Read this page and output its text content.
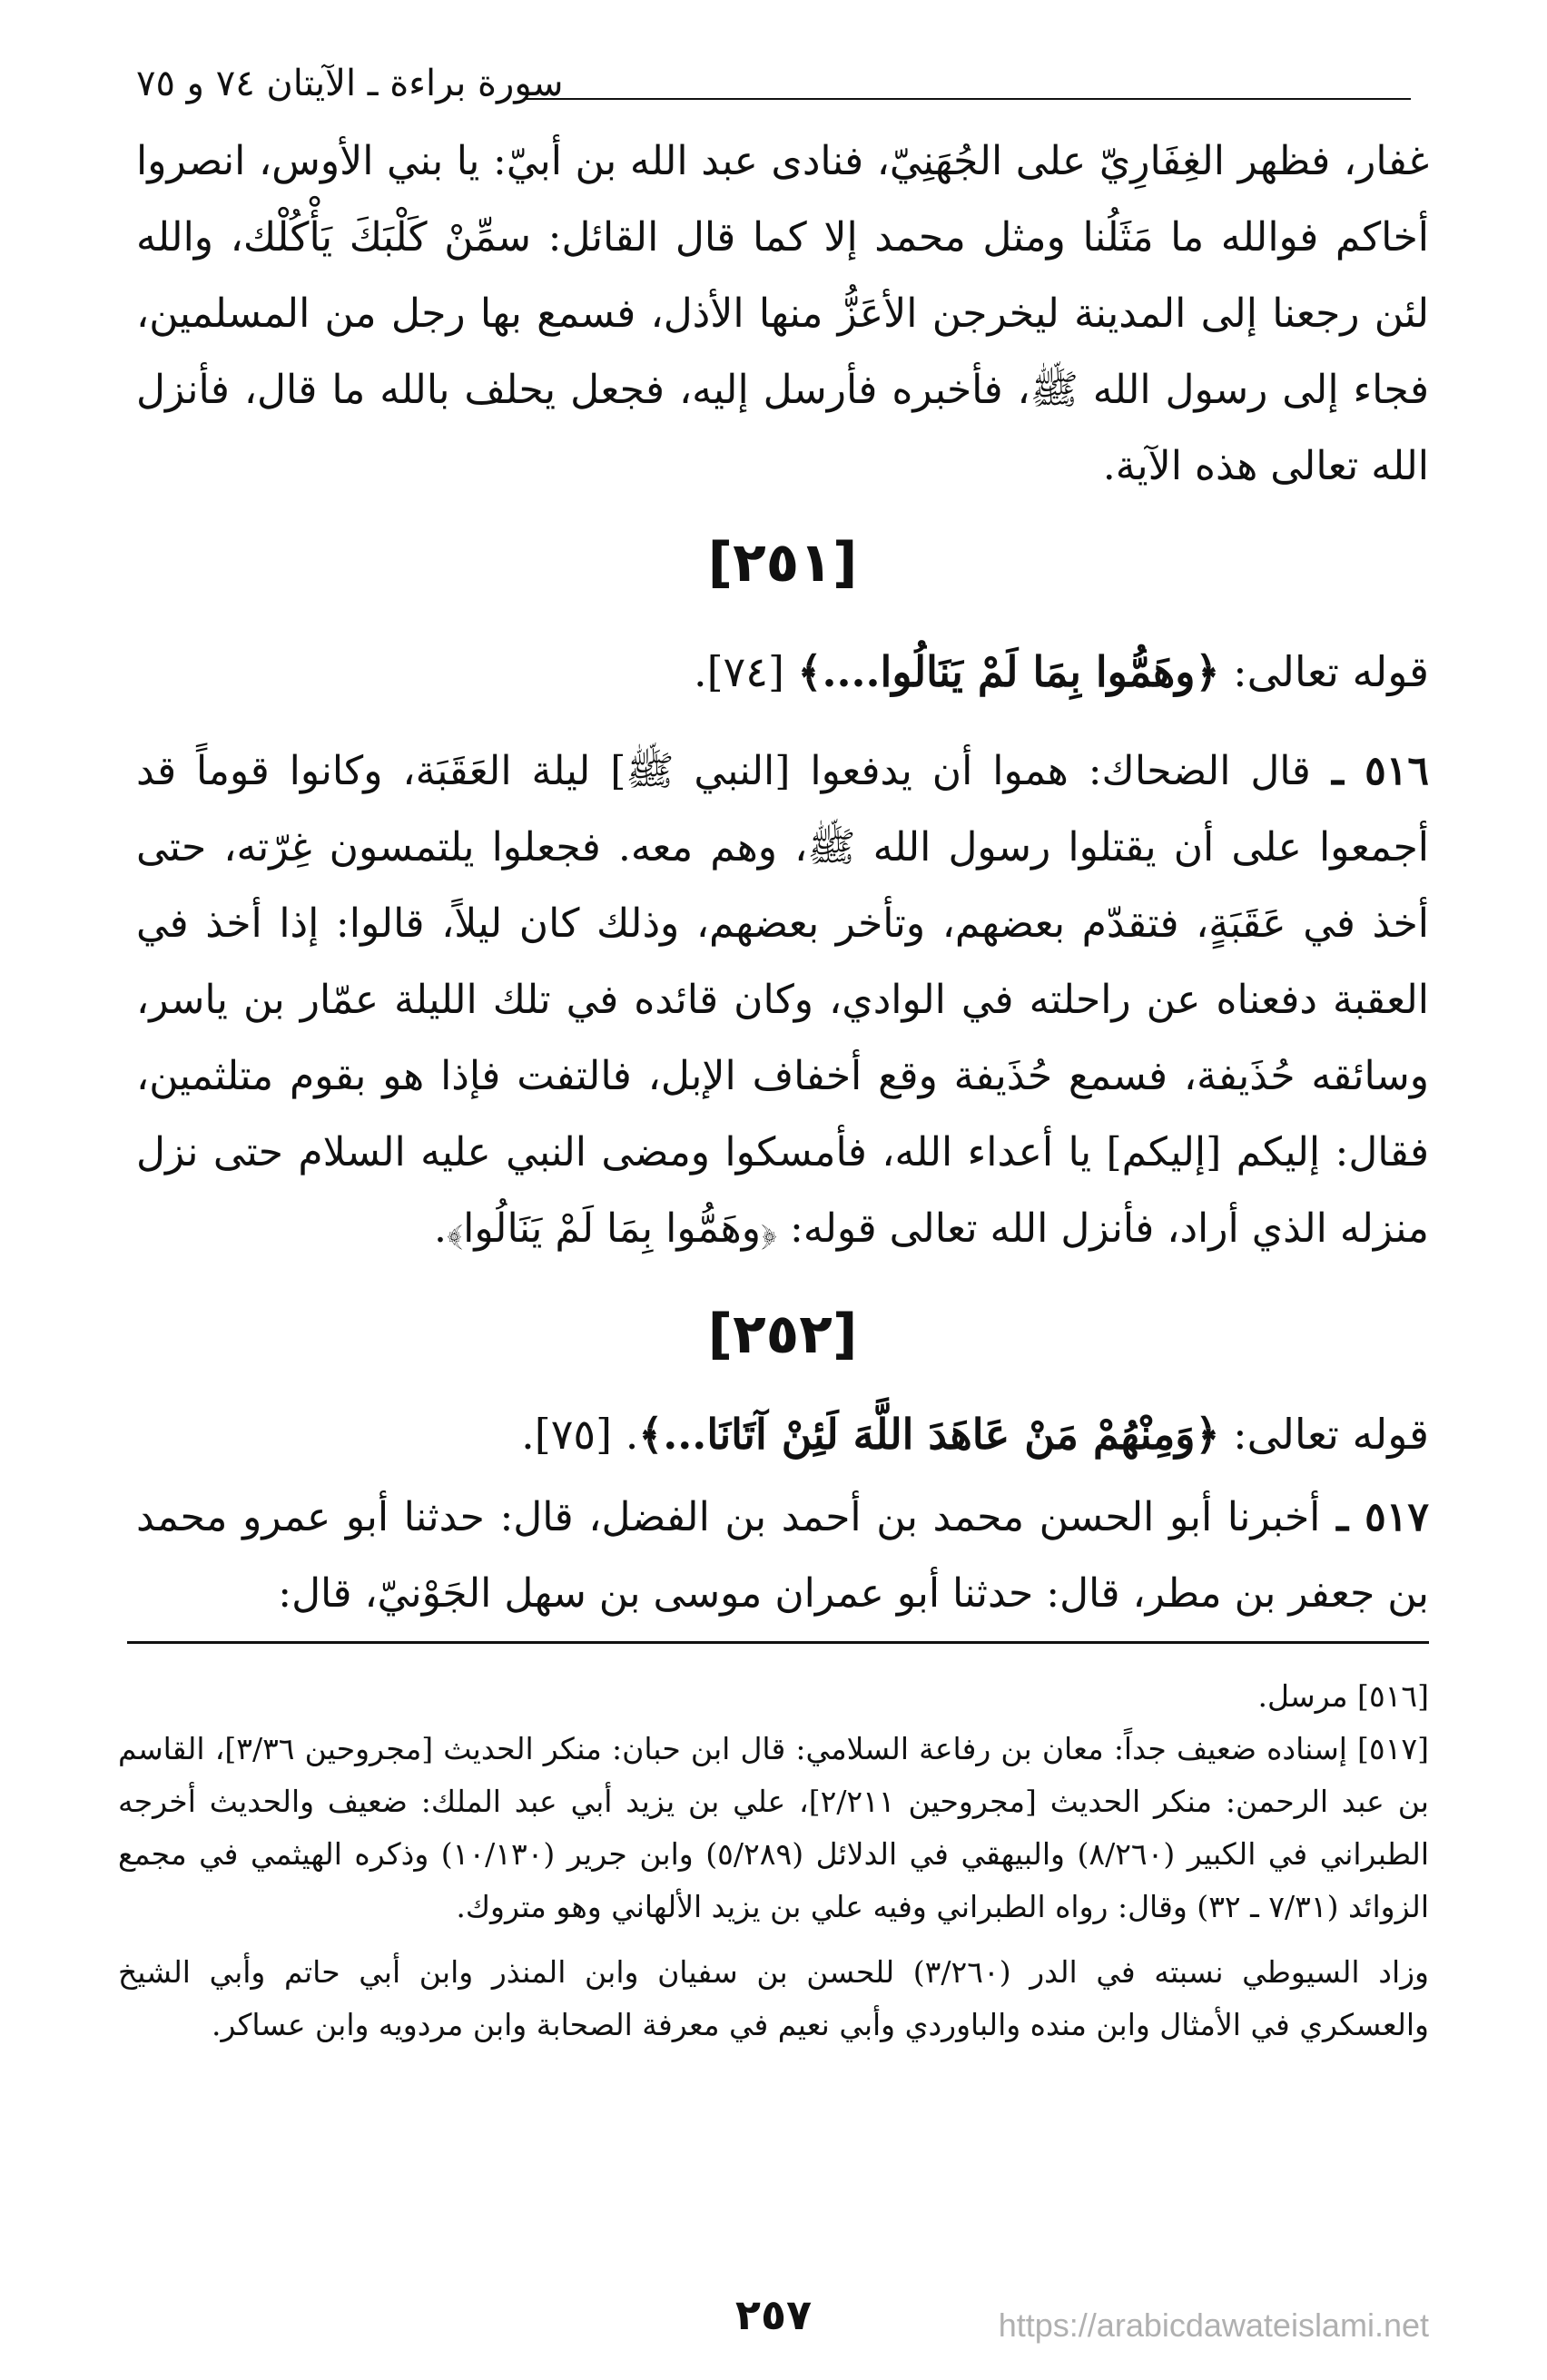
سورة براءة ـ الآيتان ٧٤ و ٧٥
غفار، فظهر الغِفَارِيّ على الجُهَنِيّ، فنادى عبد الله بن أبيّ: يا بني الأوس، انصروا أخاكم فوالله ما مَثَلُنا ومثل محمد إلا كما قال القائل: سمِّنْ كَلْبَكَ يَأْكُلْك، والله لئن رجعنا إلى المدينة ليخرجن الأعَزُّ منها الأذل، فسمع بها رجل من المسلمين، فجاء إلى رسول الله ﷺ، فأخبره فأرسل إليه، فجعل يحلف بالله ما قال، فأنزل الله تعالى هذه الآية.
[٢٥١]
قوله تعالى: ﴿وهَمُّوا بِمَا لَمْ يَنَالُوا....﴾ [٧٤].
٥١٦ ـ قال الضحاك: هموا أن يدفعوا [النبي ﷺ] ليلة العَقَبَة، وكانوا قوماً قد أجمعوا على أن يقتلوا رسول الله ﷺ، وهم معه. فجعلوا يلتمسون غِرّته، حتى أخذ في عَقَبَةٍ، فتقدّم بعضهم، وتأخر بعضهم، وذلك كان ليلاً، قالوا: إذا أخذ في العقبة دفعناه عن راحلته في الوادي، وكان قائده في تلك الليلة عمّار بن ياسر، وسائقه حُذَيفة، فسمع حُذَيفة وقع أخفاف الإبل، فالتفت فإذا هو بقوم متلثمين، فقال: إليكم [إليكم] يا أعداء الله، فأمسكوا ومضى النبي عليه السلام حتى نزل منزله الذي أراد، فأنزل الله تعالى قوله: ﴿وهَمُّوا بِمَا لَمْ يَنَالُوا﴾.
[٢٥٢]
قوله تعالى: ﴿وَمِنْهُمْ مَنْ عَاهَدَ اللَّهَ لَئِنْ آتَانَا...﴾. [٧٥].
٥١٧ ـ أخبرنا أبو الحسن محمد بن أحمد بن الفضل، قال: حدثنا أبو عمرو محمد بن جعفر بن مطر، قال: حدثنا أبو عمران موسى بن سهل الجَوْنيّ، قال:

[٥١٦] مرسل.

[٥١٧] إسناده ضعيف جداً: معان بن رفاعة السلامي: قال ابن حبان: منكر الحديث [مجروحين ٣/٣٦]، القاسم بن عبد الرحمن: منكر الحديث [مجروحين ٢/٢١١]، علي بن يزيد أبي عبد الملك: ضعيف والحديث أخرجه الطبراني في الكبير (٨/٢٦٠) والبيهقي في الدلائل (٥/٢٨٩) وابن جرير (١٠/١٣٠) وذكره الهيثمي في مجمع الزوائد (٧/٣١ ـ ٣٢) وقال: رواه الطبراني وفيه علي بن يزيد الألهاني وهو متروك.

وزاد السيوطي نسبته في الدر (٣/٢٦٠) للحسن بن سفيان وابن المنذر وابن أبي حاتم وأبي الشيخ والعسكري في الأمثال وابن منده والباوردي وأبي نعيم في معرفة الصحابة وابن مردويه وابن عساكر.

٢٥٧	https://arabicdawateislami.net
